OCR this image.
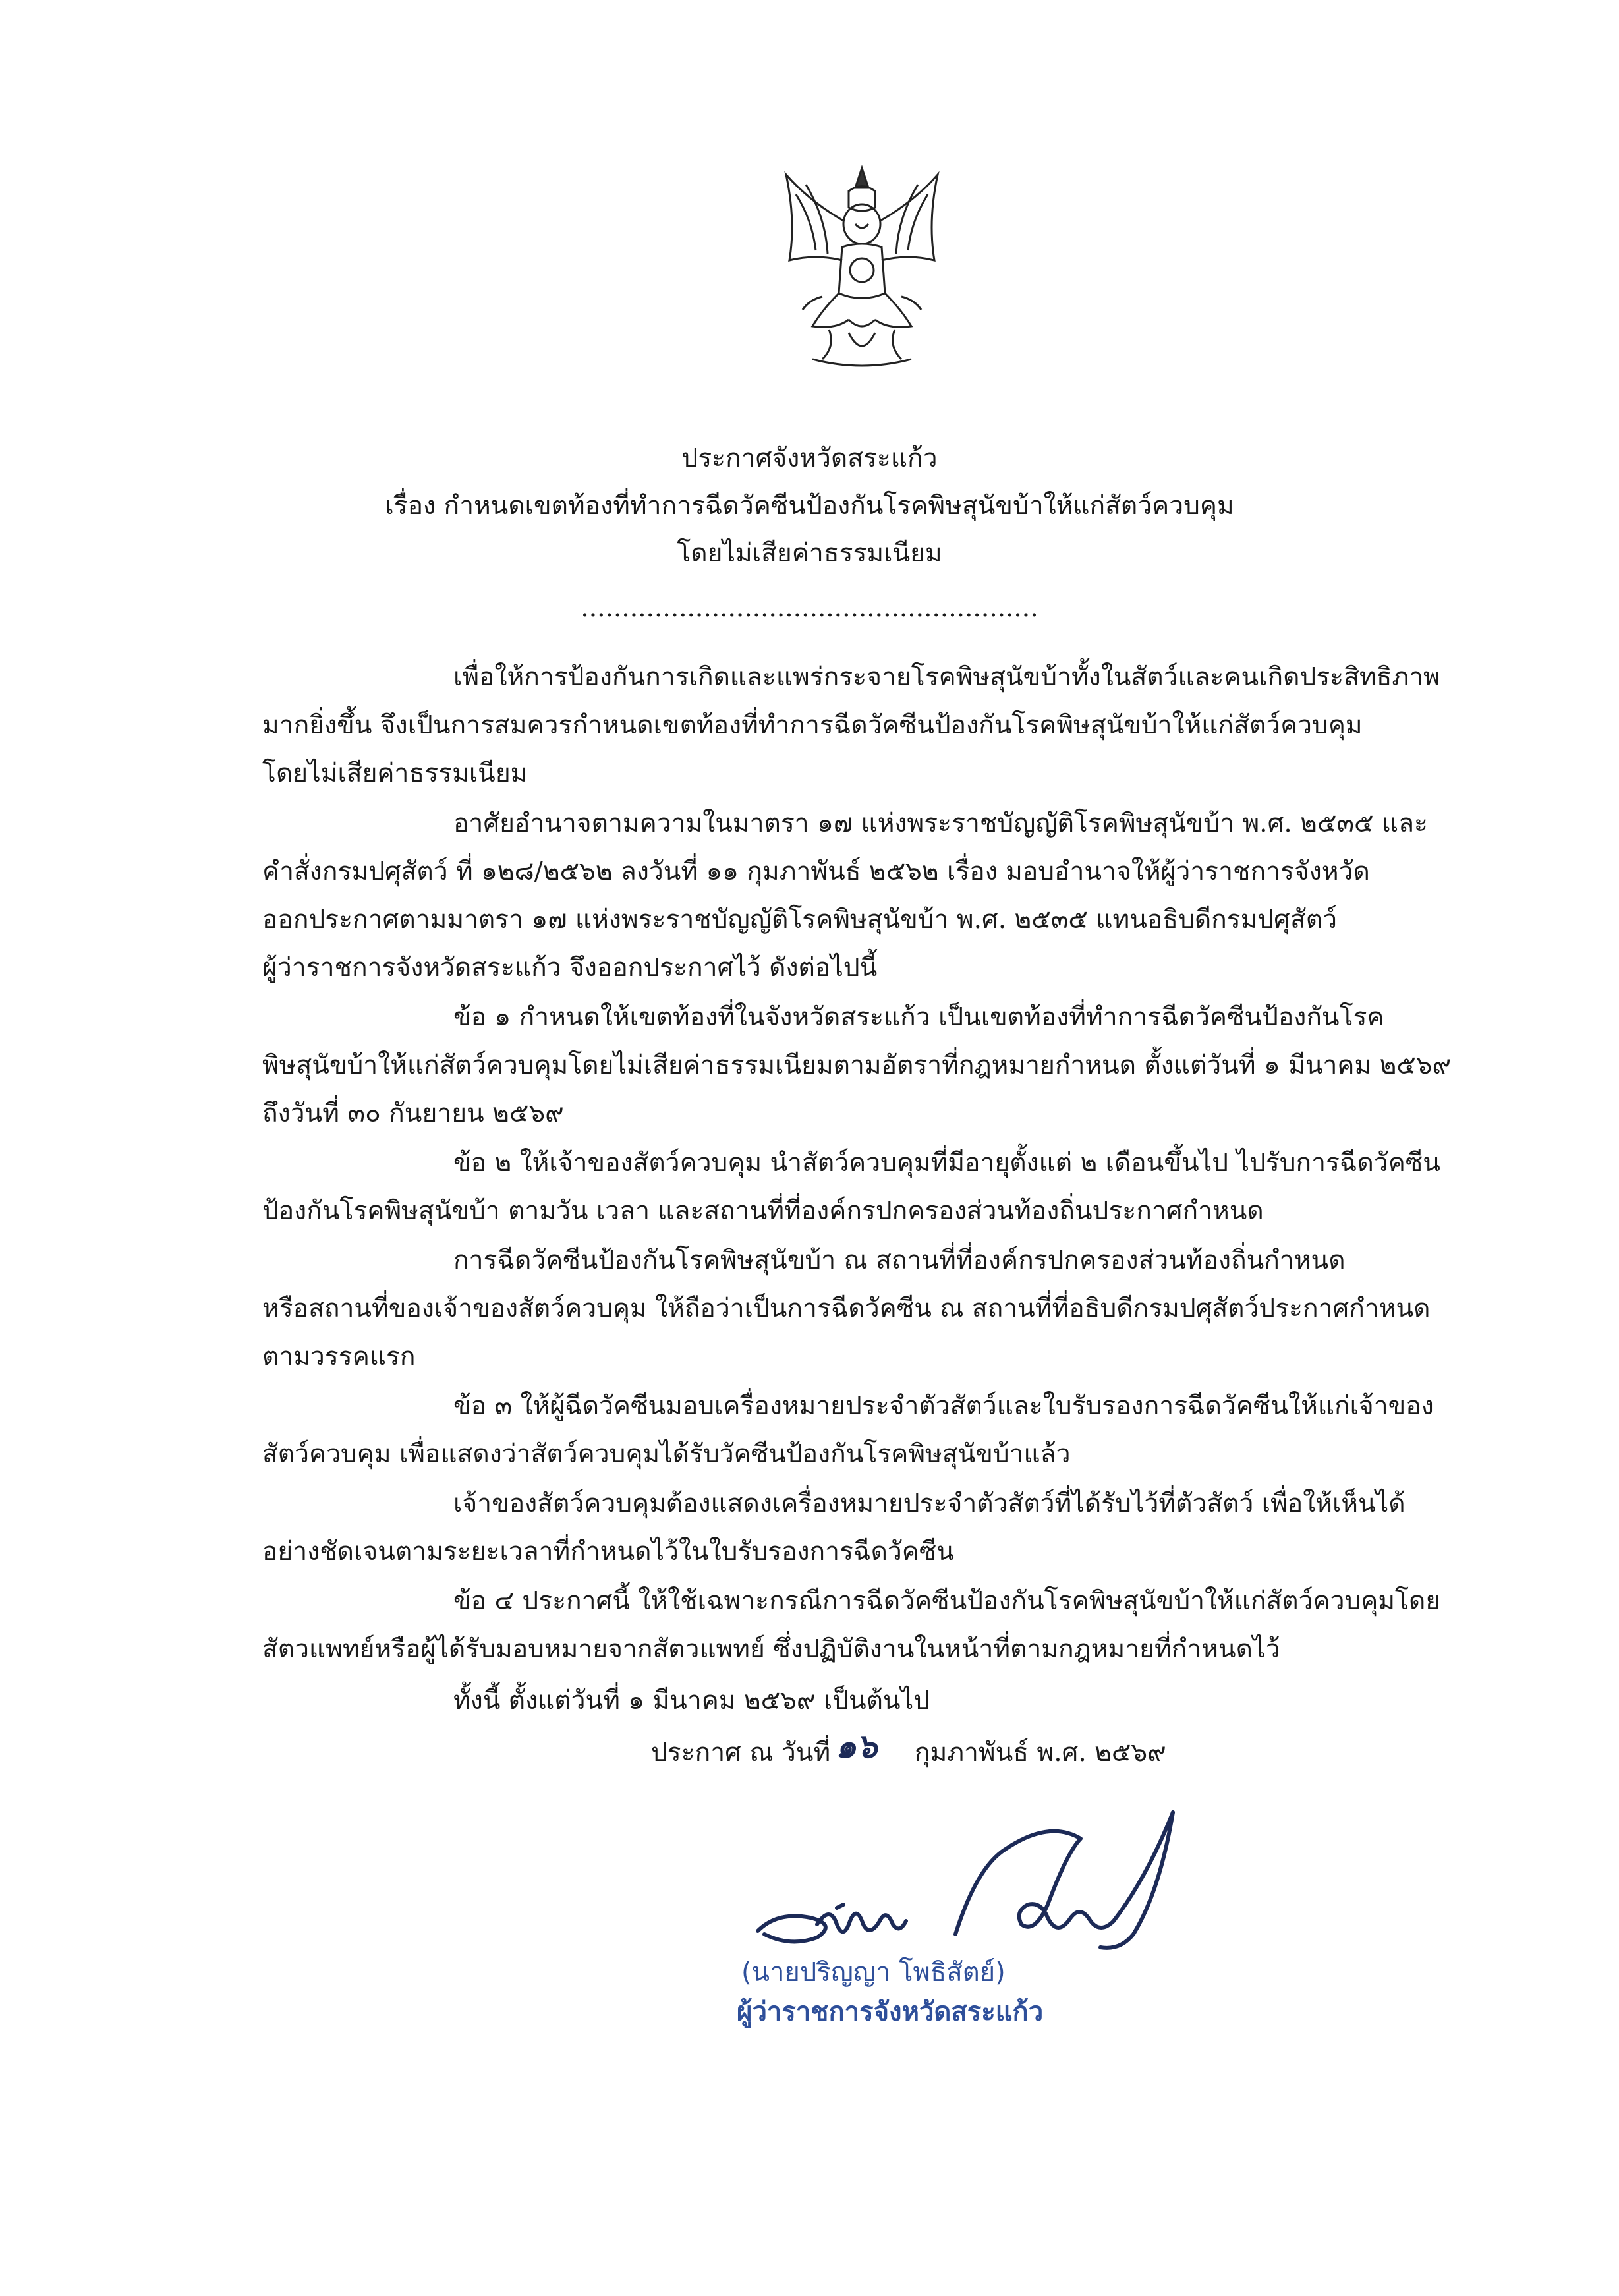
ประกาศจังหวัดสระแก้ว
เรื่อง กำหนดเขตท้องที่ทำการฉีดวัคซีนป้องกันโรคพิษสุนัขบ้าให้แก่สัตว์ควบคุม
โดยไม่เสียค่าธรรมเนียม
........................................................
เพื่อให้การป้องกันการเกิดและแพร่กระจายโรคพิษสุนัขบ้าทั้งในสัตว์และคนเกิดประสิทธิภาพ
มากยิ่งขึ้น จึงเป็นการสมควรกำหนดเขตท้องที่ทำการฉีดวัคซีนป้องกันโรคพิษสุนัขบ้าให้แก่สัตว์ควบคุม
โดยไม่เสียค่าธรรมเนียม
อาศัยอำนาจตามความในมาตรา ๑๗ แห่งพระราชบัญญัติโรคพิษสุนัขบ้า พ.ศ. ๒๕๓๕ และ
คำสั่งกรมปศุสัตว์ ที่ ๑๒๘/๒๕๖๒ ลงวันที่ ๑๑ กุมภาพันธ์ ๒๕๖๒ เรื่อง มอบอำนาจให้ผู้ว่าราชการจังหวัด
ออกประกาศตามมาตรา ๑๗ แห่งพระราชบัญญัติโรคพิษสุนัขบ้า พ.ศ. ๒๕๓๕ แทนอธิบดีกรมปศุสัตว์
ผู้ว่าราชการจังหวัดสระแก้ว จึงออกประกาศไว้ ดังต่อไปนี้
ข้อ ๑ กำหนดให้เขตท้องที่ในจังหวัดสระแก้ว เป็นเขตท้องที่ทำการฉีดวัคซีนป้องกันโรค
พิษสุนัขบ้าให้แก่สัตว์ควบคุมโดยไม่เสียค่าธรรมเนียมตามอัตราที่กฎหมายกำหนด ตั้งแต่วันที่ ๑ มีนาคม ๒๕๖๙
ถึงวันที่ ๓๐ กันยายน ๒๕๖๙
ข้อ ๒ ให้เจ้าของสัตว์ควบคุม นำสัตว์ควบคุมที่มีอายุตั้งแต่ ๒ เดือนขึ้นไป ไปรับการฉีดวัคซีน
ป้องกันโรคพิษสุนัขบ้า ตามวัน เวลา และสถานที่ที่องค์กรปกครองส่วนท้องถิ่นประกาศกำหนด
การฉีดวัคซีนป้องกันโรคพิษสุนัขบ้า ณ สถานที่ที่องค์กรปกครองส่วนท้องถิ่นกำหนด
หรือสถานที่ของเจ้าของสัตว์ควบคุม ให้ถือว่าเป็นการฉีดวัคซีน ณ สถานที่ที่อธิบดีกรมปศุสัตว์ประกาศกำหนด
ตามวรรคแรก
ข้อ ๓ ให้ผู้ฉีดวัคซีนมอบเครื่องหมายประจำตัวสัตว์และใบรับรองการฉีดวัคซีนให้แก่เจ้าของ
สัตว์ควบคุม เพื่อแสดงว่าสัตว์ควบคุมได้รับวัคซีนป้องกันโรคพิษสุนัขบ้าแล้ว
เจ้าของสัตว์ควบคุมต้องแสดงเครื่องหมายประจำตัวสัตว์ที่ได้รับไว้ที่ตัวสัตว์ เพื่อให้เห็นได้
อย่างชัดเจนตามระยะเวลาที่กำหนดไว้ในใบรับรองการฉีดวัคซีน
ข้อ ๔ ประกาศนี้ ให้ใช้เฉพาะกรณีการฉีดวัคซีนป้องกันโรคพิษสุนัขบ้าให้แก่สัตว์ควบคุมโดย
สัตวแพทย์หรือผู้ได้รับมอบหมายจากสัตวแพทย์ ซึ่งปฏิบัติงานในหน้าที่ตามกฎหมายที่กำหนดไว้
ทั้งนี้ ตั้งแต่วันที่ ๑ มีนาคม ๒๕๖๙ เป็นต้นไป
ประกาศ ณ วันที่ ๑๖ กุมภาพันธ์ พ.ศ. ๒๕๖๙
(นายปริญญา โพธิสัตย์)
ผู้ว่าราชการจังหวัดสระแก้ว
